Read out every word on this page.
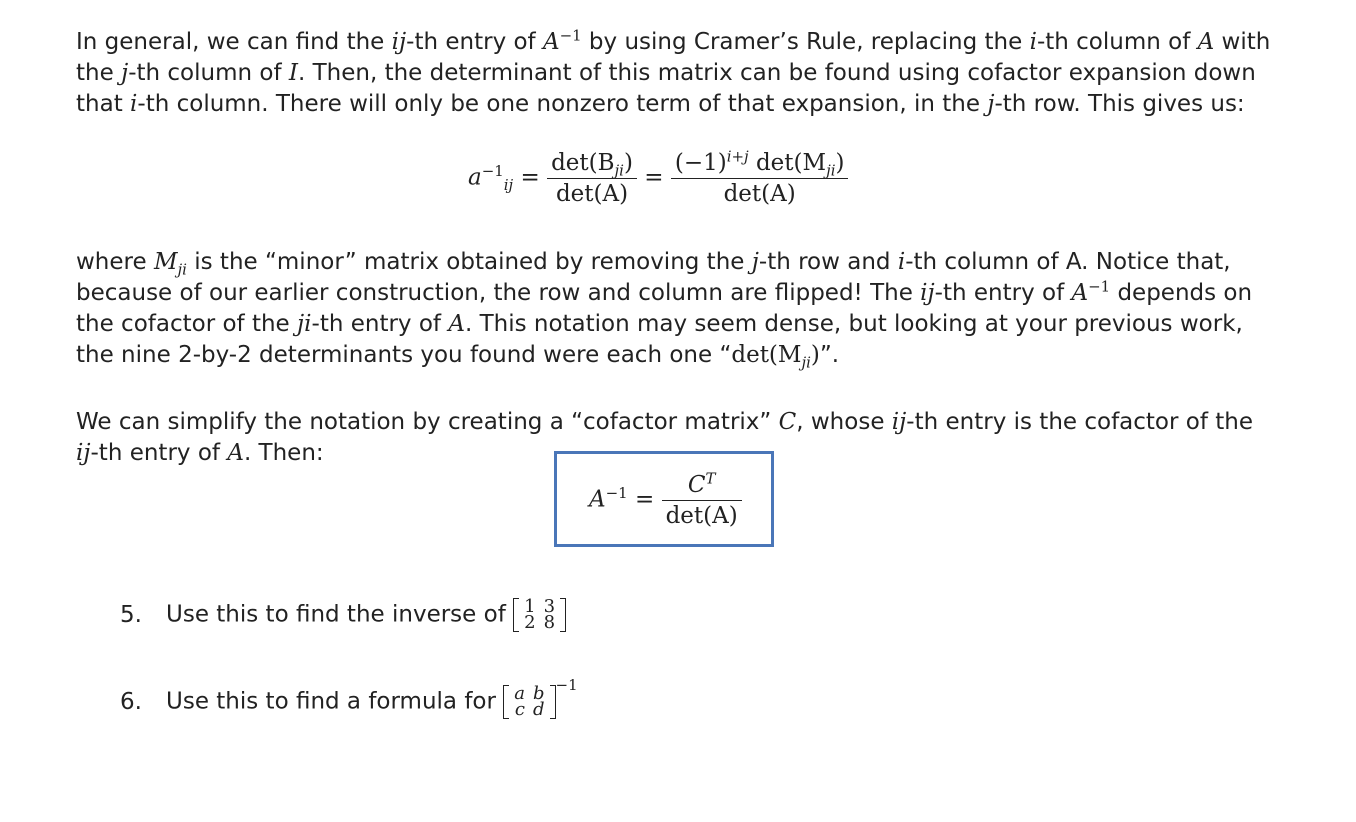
In general, we can find the ij-th entry of $A^{-1}$ by using Cramer’s Rule, replacing the i-th column of A with the j-th column of I. Then, the determinant of this matrix can be found using cofactor expansion down that i-th column. There will only be one nonzero term of that expansion, in the j-th row. This gives us:
$a^{-1}_{ij} = \frac{\det(B_{ji})}{\det(A)} = \frac{(-1)^{i+j} \det(M_{ji})}{\det(A)}$
where $M_{ji}$ is the “minor” matrix obtained by removing the j-th row and i-th column of A. Notice that, because of our earlier construction, the row and column are flipped! The ij-th entry of $A^{-1}$ depends on the cofactor of the ji-th entry of A. This notation may seem dense, but looking at your previous work, the nine 2-by-2 determinants you found were each one “$\det(M_{ji})$”.
We can simplify the notation by creating a “cofactor matrix” C, whose ij-th entry is the cofactor of the ij-th entry of A. Then:
$A^{-1} = \frac{C^T}{\det(A)}$
5. Use this to find the inverse of 1	3
2	8
6. Use this to find a formula for a	b
c	d
$^{-1}$
